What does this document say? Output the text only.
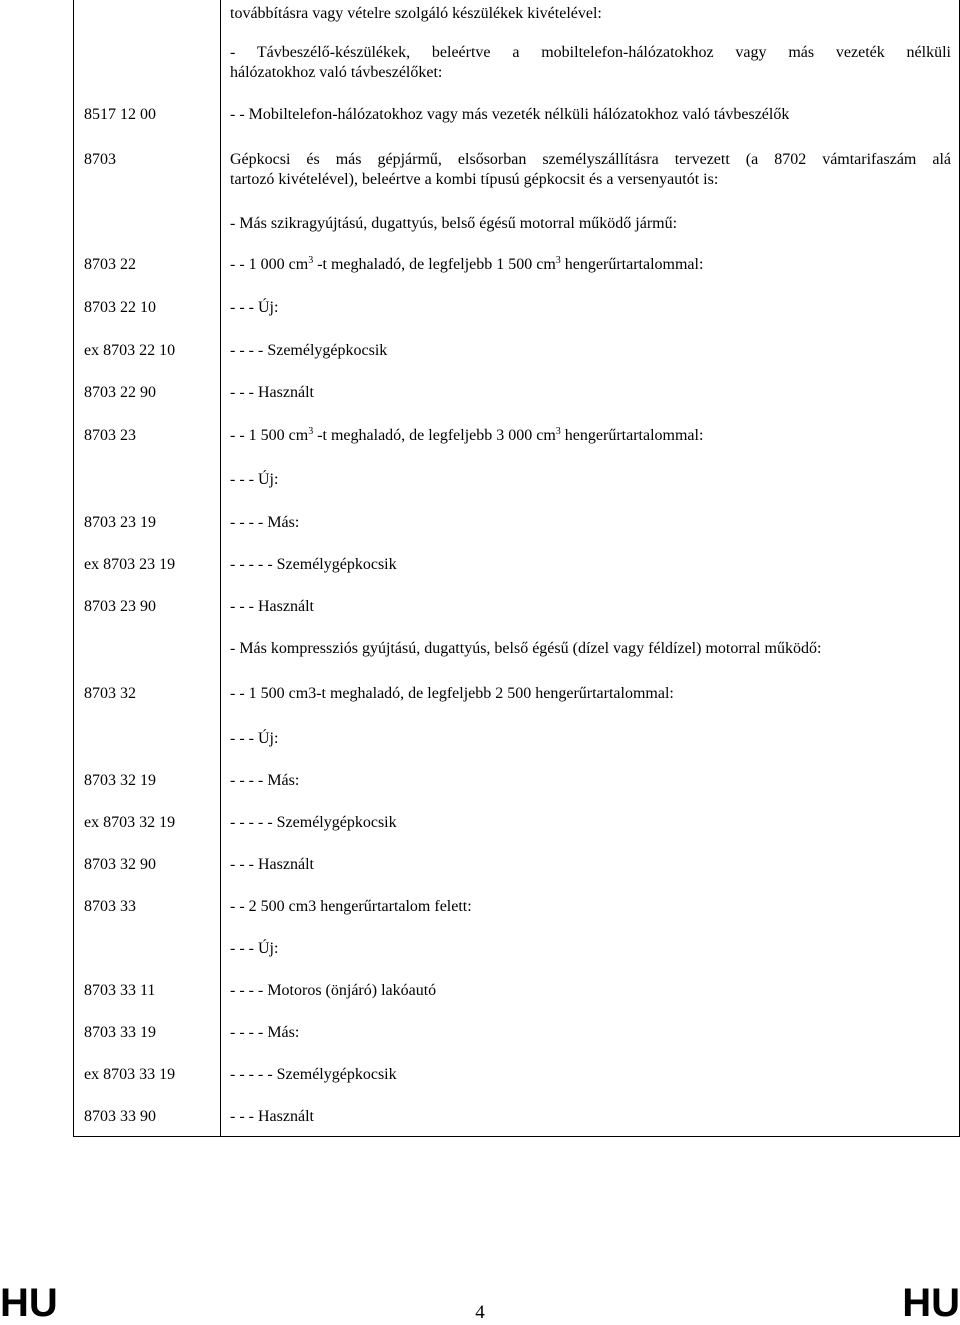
továbbításra vagy vételre szolgáló készülékek kivételével:
- Távbeszélő-készülékek, beleértve a mobiltelefon-hálózatokhoz vagy más vezeték nélküli
hálózatokhoz való távbeszélőket:
8517 12 00	- - Mobiltelefon-hálózatokhoz vagy más vezeték nélküli hálózatokhoz való távbeszélők
8703	Gépkocsi és más gépjármű, elsősorban személyszállításra tervezett (a 8702 vámtarifaszám alá
tartozó kivételével), beleértve a kombi típusú gépkocsit és a versenyautót is:
- Más szikragyújtású, dugattyús, belső égésű motorral működő jármű:
8703 22	- - 1 000 $cm^3$ -t meghaladó, de legfeljebb 1 500 $cm^3$ hengerűrtartalommal:
8703 22 10	- - - Új:
ex 8703 22 10	- - - - Személygépkocsik
8703 22 90	- - - Használt
8703 23	- - 1 500 $cm^3$ -t meghaladó, de legfeljebb 3 000 $cm^3$ hengerűrtartalommal:
- - - Új:
8703 23 19	- - - - Más:
ex 8703 23 19	- - - - - Személygépkocsik
8703 23 90	- - - Használt
- Más kompressziós gyújtású, dugattyús, belső égésű (dízel vagy féldízel) motorral működő:
8703 32	- - 1 500 cm3-t meghaladó, de legfeljebb 2 500 hengerűrtartalommal:
- - - Új:
8703 32 19	- - - - Más:
ex 8703 32 19	- - - - - Személygépkocsik
8703 32 90	- - - Használt
8703 33	- - 2 500 cm3 hengerűrtartalom felett:
- - - Új:
8703 33 11	- - - - Motoros (önjáró) lakóautó
8703 33 19	- - - - Más:
ex 8703 33 19	- - - - - Személygépkocsik
8703 33 90	- - - Használt
HU	4	HU
